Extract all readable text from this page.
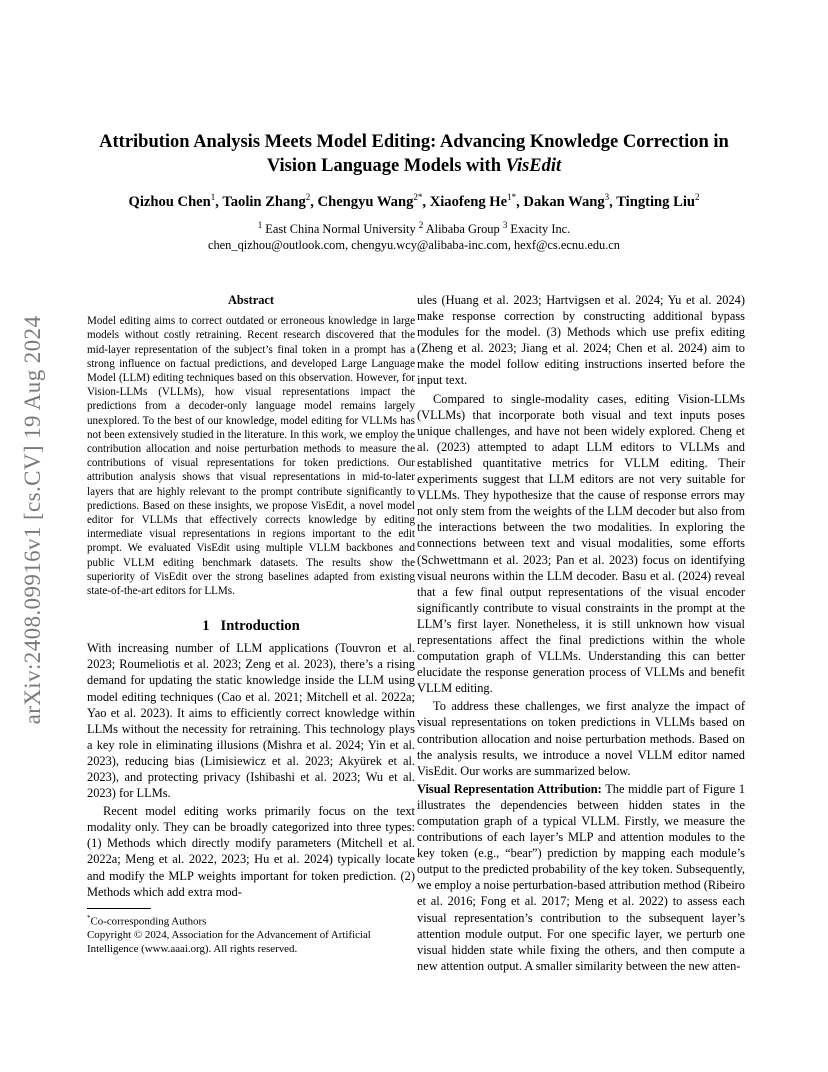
arXiv:2408.09916v1 [cs.CV] 19 Aug 2024
Attribution Analysis Meets Model Editing: Advancing Knowledge Correction in
Vision Language Models with VisEdit
Qizhou Chen$^1$, Taolin Zhang$^2$, Chengyu Wang$^{2*}$, Xiaofeng $He^{1*}$, Dakan Wang$^3$, Tingting Liu$^2$
$^1$ East China Normal University $^2$ Alibaba Group $^3$ Exacity Inc.
chen_qizhou@outlook.com, chengyu.wcy@alibaba-inc.com, hexf@cs.ecnu.edu.cn
Abstract

Model editing aims to correct outdated or erroneous knowledge in large models without costly retraining. Recent research discovered that the mid-layer representation of the subject’s final token in a prompt has a strong influence on factual predictions, and developed Large Language Model (LLM) editing techniques based on this observation. However, for Vision-LLMs (VLLMs), how visual representations impact the predictions from a decoder-only language model remains largely unexplored. To the best of our knowledge, model editing for VLLMs has not been extensively studied in the literature. In this work, we employ the contribution allocation and noise perturbation methods to measure the contributions of visual representations for token predictions. Our attribution analysis shows that visual representations in mid-to-later layers that are highly relevant to the prompt contribute significantly to predictions. Based on these insights, we propose VisEdit, a novel model editor for VLLMs that effectively corrects knowledge by editing intermediate visual representations in regions important to the edit prompt. We evaluated VisEdit using multiple VLLM backbones and public VLLM editing benchmark datasets. The results show the superiority of VisEdit over the strong baselines adapted from existing state-of-the-art editors for LLMs.

1 Introduction

With increasing number of LLM applications (Touvron et al. 2023; Roumeliotis et al. 2023; Zeng et al. 2023), there’s a rising demand for updating the static knowledge inside the LLM using model editing techniques (Cao et al. 2021; Mitchell et al. 2022a; Yao et al. 2023). It aims to efficiently correct knowledge within LLMs without the necessity for retraining. This technology plays a key role in eliminating illusions (Mishra et al. 2024; Yin et al. 2023), reducing bias (Limisiewicz et al. 2023; Akyürek et al. 2023), and protecting privacy (Ishibashi et al. 2023; Wu et al. 2023) for LLMs.

Recent model editing works primarily focus on the text modality only. They can be broadly categorized into three types: (1) Methods which directly modify parameters (Mitchell et al. 2022a; Meng et al. 2022, 2023; Hu et al. 2024) typically locate and modify the MLP weights important for token prediction. (2) Methods which add extra mod-

*Co-corresponding Authors
Copyright © 2024, Association for the Advancement of Artificial Intelligence (www.aaai.org). All rights reserved.

ules (Huang et al. 2023; Hartvigsen et al. 2024; Yu et al. 2024) make response correction by constructing additional bypass modules for the model. (3) Methods which use prefix editing (Zheng et al. 2023; Jiang et al. 2024; Chen et al. 2024) aim to make the model follow editing instructions inserted before the input text.

Compared to single-modality cases, editing Vision-LLMs (VLLMs) that incorporate both visual and text inputs poses unique challenges, and have not been widely explored. Cheng et al. (2023) attempted to adapt LLM editors to VLLMs and established quantitative metrics for VLLM editing. Their experiments suggest that LLM editors are not very suitable for VLLMs. They hypothesize that the cause of response errors may not only stem from the weights of the LLM decoder but also from the interactions between the two modalities. In exploring the connections between text and visual modalities, some efforts (Schwettmann et al. 2023; Pan et al. 2023) focus on identifying visual neurons within the LLM decoder. Basu et al. (2024) reveal that a few final output representations of the visual encoder significantly contribute to visual constraints in the prompt at the LLM’s first layer. Nonetheless, it is still unknown how visual representations affect the final predictions within the whole computation graph of VLLMs. Understanding this can better elucidate the response generation process of VLLMs and benefit VLLM editing.

To address these challenges, we first analyze the impact of visual representations on token predictions in VLLMs based on contribution allocation and noise perturbation methods. Based on the analysis results, we introduce a novel VLLM editor named VisEdit. Our works are summarized below.

Visual Representation Attribution: The middle part of Figure 1 illustrates the dependencies between hidden states in the computation graph of a typical VLLM. Firstly, we measure the contributions of each layer’s MLP and attention modules to the key token (e.g., “bear”) prediction by mapping each module’s output to the predicted probability of the key token. Subsequently, we employ a noise perturbation-based attribution method (Ribeiro et al. 2016; Fong et al. 2017; Meng et al. 2022) to assess each visual representation’s contribution to the subsequent layer’s attention module output. For one specific layer, we perturb one visual hidden state while fixing the others, and then compute a new attention output. A smaller similarity between the new atten-
